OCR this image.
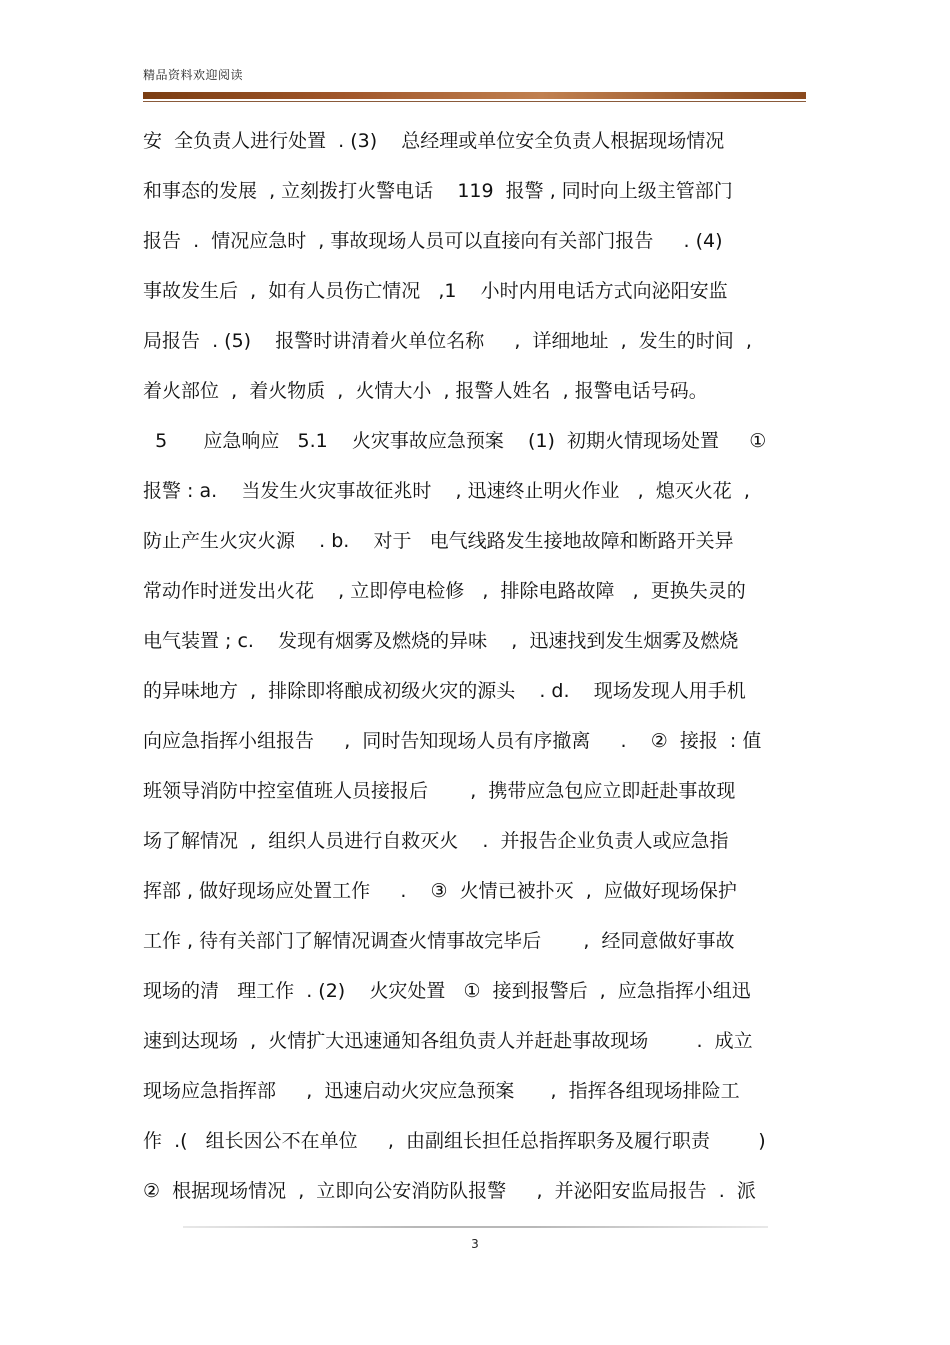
精品资料欢迎阅读
安  全负责人进行处置  . (3)    总经理或单位安全负责人根据现场情况
和事态的发展  , 立刻拨打火警电话    119  报警 , 同时向上级主管部门
报告  .  情况应急时  , 事故现场人员可以直接向有关部门报告     . (4)
事故发生后  ,  如有人员伤亡情况   ,1    小时内用电话方式向泌阳安监
局报告  . (5)    报警时讲清着火单位名称     ,  详细地址  ,  发生的时间  ,
着火部位  ,  着火物质  ,  火情大小  , 报警人姓名  , 报警电话号码。
5      应急响应   5.1    火灾事故应急预案    (1)  初期火情现场处置     ①
报警 : a.    当发生火灾事故征兆时    , 迅速终止明火作业   ,  熄灭火花  ,
防止产生火灾火源    . b.    对于   电气线路发生接地故障和断路开关异
常动作时迸发出火花    , 立即停电检修   ,  排除电路故障   ,  更换失灵的
电气装置 ; c.    发现有烟雾及燃烧的异味    ,  迅速找到发生烟雾及燃烧
的异味地方  ,  排除即将酿成初级火灾的源头    . d.    现场发现人用手机
向应急指挥小组报告     ,  同时告知现场人员有序撤离     .    ②  接报  : 值
班领导消防中控室值班人员接报后       ,  携带应急包应立即赶赴事故现
场了解情况  ,  组织人员进行自救灭火    .  并报告企业负责人或应急指
挥部 , 做好现场应处置工作     .    ③  火情已被扑灭  ,  应做好现场保护
工作 , 待有关部门了解情况调查火情事故完毕后       ,  经同意做好事故
现场的清   理工作  . (2)    火灾处置   ①  接到报警后  ,  应急指挥小组迅
速到达现场  ,  火情扩大迅速通知各组负责人并赶赴事故现场        .  成立
现场应急指挥部     ,  迅速启动火灾应急预案      ,  指挥各组现场排险工
作  .(   组长因公不在单位     ,  由副组长担任总指挥职务及履行职责        )
②  根据现场情况  ,  立即向公安消防队报警     ,  并泌阳安监局报告  .  派
3
